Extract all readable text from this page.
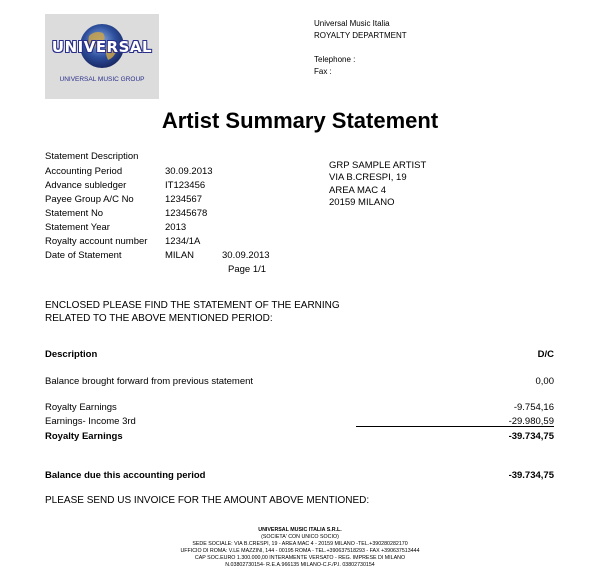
UNIVERSAL
UNIVERSAL MUSIC GROUP
Universal Music Italia
ROYALTY DEPARTMENT
Telephone :
Fax :
Artist Summary Statement
Statement Description
Accounting Period	30.09.2013
Advance subledger	IT123456
Payee Group A/C No	1234567
Statement No	12345678
Statement Year	2013
Royalty account number 1234/1A
Date of Statement	MILAN	30.09.2013
Page 1/1
GRP SAMPLE ARTIST
VIA B.CRESPI, 19
AREA MAC 4
20159 MILANO
ENCLOSED PLEASE FIND THE STATEMENT OF THE EARNING
RELATED TO THE ABOVE MENTIONED PERIOD:
Description	D/C
Balance brought forward from previous statement	0,00
Royalty Earnings	-9.754,16
Earnings- Income 3rd	-29.980,59
Royalty Earnings	-39.734,75
Balance due this accounting period	-39.734,75
PLEASE SEND US INVOICE FOR THE AMOUNT ABOVE MENTIONED:
UNIVERSAL MUSIC ITALIA S.R.L.
(SOCIETA' CON UNICO SOCIO)
SEDE SOCIALE: VIA B.CRESPI, 19 - AREA MAC 4 - 20159 MILANO -TEL.+390280282170
UFFICIO DI ROMA: V.LE MAZZINI, 144 - 00195 ROMA - TEL.+390637518293 - FAX +390637513444
CAP SOC.EURO 1.300.000,00 INTERAMENTE VERSATO - REG. IMPRESE DI MILANO
N.03802730154- R.E.A.966135 MILANO-C.F./P.I. 03802730154
